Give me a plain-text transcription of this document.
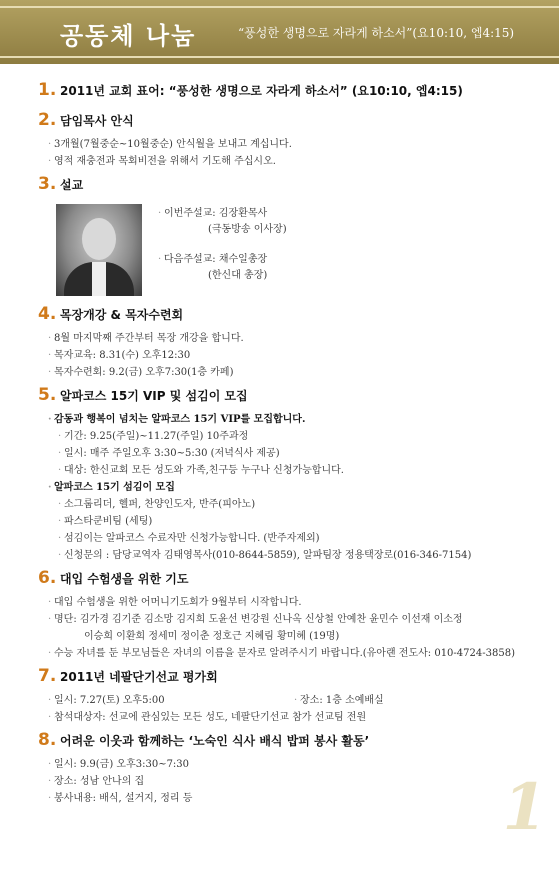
공동체 나눔	“풍성한 생명으로 자라게 하소서”(요10:10, 엡4:15)
1. 2011년 교회 표어: “풍성한 생명으로 자라게 하소서” (요10:10, 엡4:15)
2. 담임목사 안식
· 3개월(7월중순~10월중순) 안식월을 보내고 계십니다.
· 영적 재충전과 목회비전을 위해서 기도해 주십시오.
3. 설교
· 이번주설교: 김장환목사
(극동방송 이사장)
· 다음주설교: 채수일총장
(한신대 총장)
4. 목장개강 & 목자수련회
· 8월 마지막째 주간부터 목장 개강을 합니다.
· 목자교육: 8.31(수) 오후12:30
· 목자수련회: 9.2(금) 오후7:30(1층 카페)
5. 알파코스 15기 VIP 및 섬김이 모집
· 감동과 행복이 넘치는 알파코스 15기 VIP를 모집합니다.
· 기간: 9.25(주일)~11.27(주일) 10주과정
· 일시: 매주 주일오후 3:30~5:30 (저녁식사 제공)
· 대상: 한신교회 모든 성도와 가족,친구등 누구나 신청가능합니다.
· 알파코스 15기 섬김이 모집
· 소그룹리더, 헬퍼, 찬양인도자, 반주(피아노)
· 파스타쿤비팀 (세팅)
· 섬김이는 알파코스 수료자만 신청가능합니다. (반주자제외)
· 신청문의 : 담당교역자 김태영목사(010-8644-5859), 알파팀장 정용택장로(016-346-7154)
6. 대입 수험생을 위한 기도
· 대입 수험생을 위한 어머니기도회가 9월부터 시작합니다.
· 명단: 김가경 김기준 김소망 김지희 도윤선 변강원 신나옥 신상철 안예찬 윤민수 이선재 이소정
이승희 이환희 정세미 정이춘 정호근 지혜림 황미혜 (19명)
· 수능 자녀를 둔 부모님들은 자녀의 이름을 문자로 알려주시기 바랍니다.(유아랜 전도사: 010-4724-3858)
7. 2011년 네팔단기선교 평가회
· 일시: 7.27(토) 오후5:00
·	장소: 1층 소예배실
· 참석대상자: 선교에 관심있는 모든 성도, 네팔단기선교 참가 선교팀 전원
8. 어려운 이웃과 함께하는 ‘노숙인 식사 배식 밥퍼 봉사 활동’
· 일시: 9.9(금) 오후3:30~7:30
· 장소: 성남 안나의 집
· 봉사내용: 배식, 설거지, 정리 등	1
